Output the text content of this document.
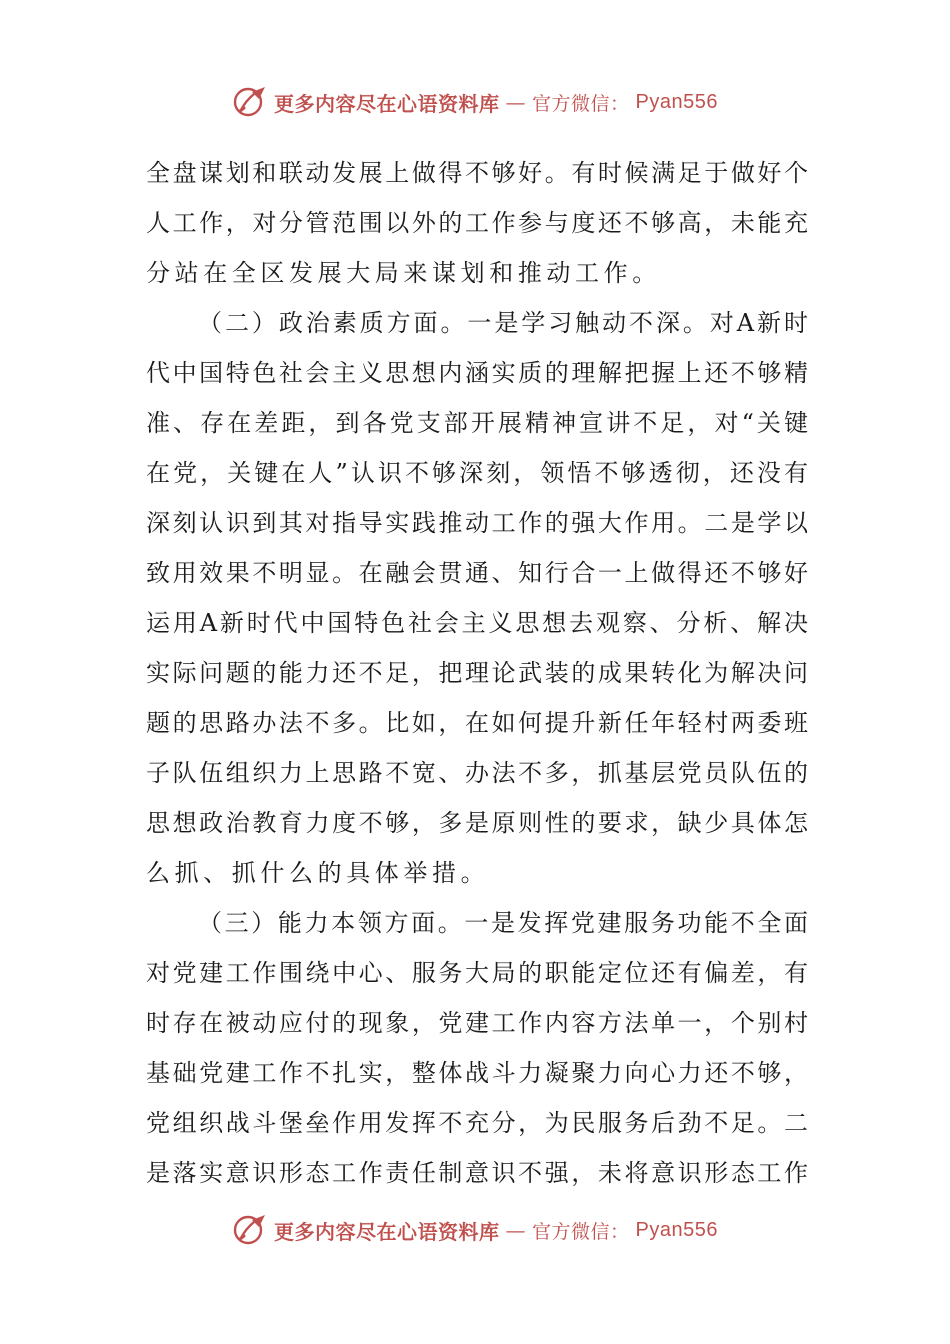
更多内容尽在心语资料库 — 官方微信： Pyan556
全盘谋划和联动发展上做得不够好。有时候满足于做好个
人工作，对分管范围以外的工作参与度还不够高，未能充
分站在全区发展大局来谋划和推动工作。
（二）政治素质方面。一是学习触动不深。对A新时
代中国特色社会主义思想内涵实质的理解把握上还不够精
准、存在差距，到各党支部开展精神宣讲不足，对“关键
在党，关键在人”认识不够深刻，领悟不够透彻，还没有
深刻认识到其对指导实践推动工作的强大作用。二是学以
致用效果不明显。在融会贯通、知行合一上做得还不够好
运用A新时代中国特色社会主义思想去观察、分析、解决
实际问题的能力还不足，把理论武装的成果转化为解决问
题的思路办法不多。比如，在如何提升新任年轻村两委班
子队伍组织力上思路不宽、办法不多，抓基层党员队伍的
思想政治教育力度不够，多是原则性的要求，缺少具体怎
么抓、抓什么的具体举措。
（三）能力本领方面。一是发挥党建服务功能不全面
对党建工作围绕中心、服务大局的职能定位还有偏差，有
时存在被动应付的现象，党建工作内容方法单一，个别村
基础党建工作不扎实，整体战斗力凝聚力向心力还不够，
党组织战斗堡垒作用发挥不充分，为民服务后劲不足。二
是落实意识形态工作责任制意识不强，未将意识形态工作
更多内容尽在心语资料库 — 官方微信： Pyan556
